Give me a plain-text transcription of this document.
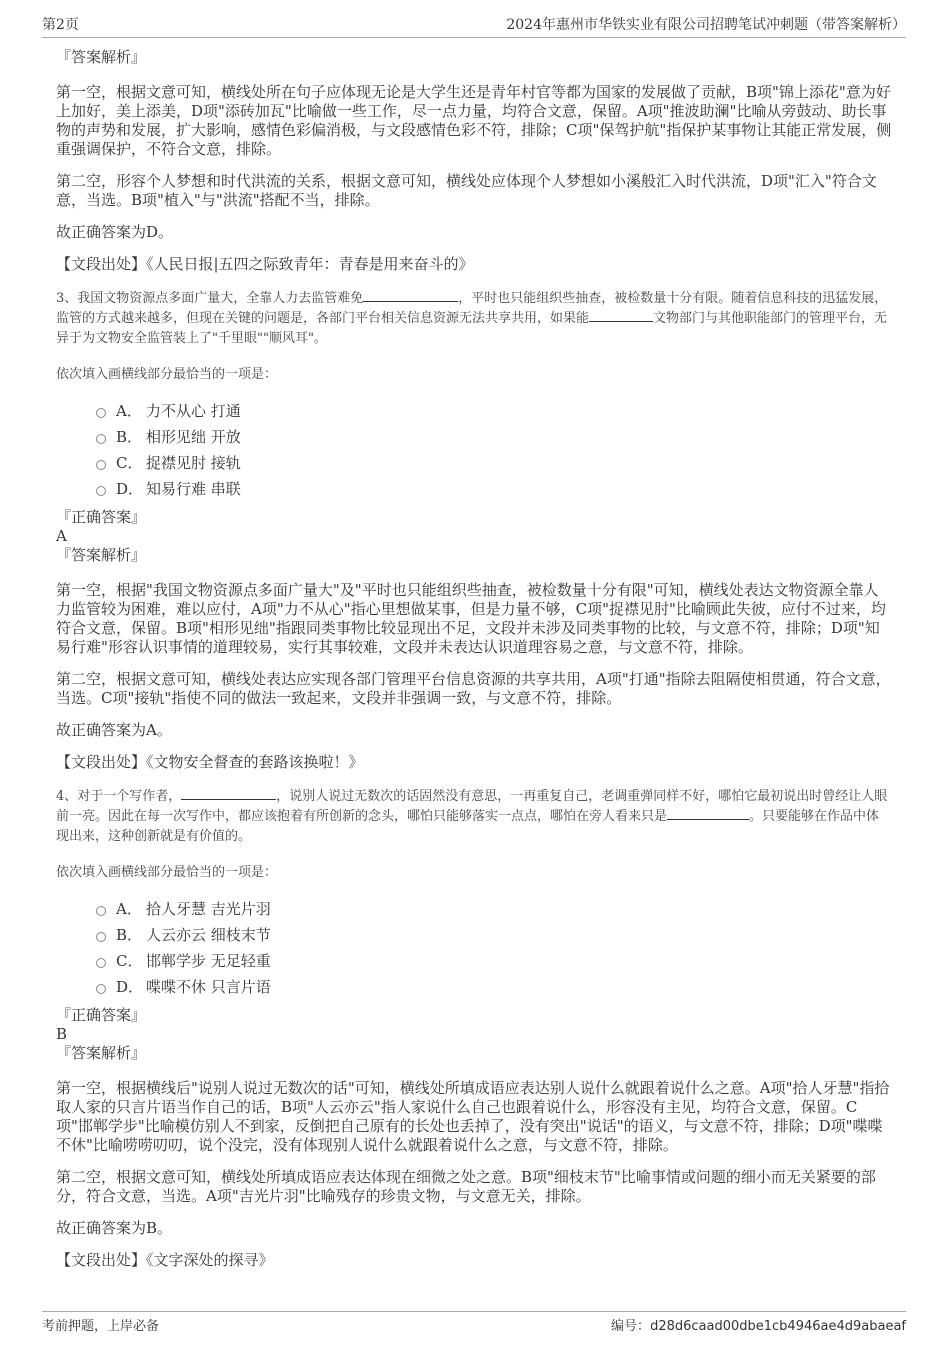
第2页	2024年惠州市华铁实业有限公司招聘笔试冲刺题（带答案解析）
『答案解析』
第一空，根据文意可知，横线处所在句子应体现无论是大学生还是青年村官等都为国家的发展做了贡献，B项"锦上添花"意为好上加好，美上添美，D项"添砖加瓦"比喻做一些工作，尽一点力量，均符合文意，保留。A项"推波助澜"比喻从旁鼓动、助长事物的声势和发展，扩大影响，感情色彩偏消极，与文段感情色彩不符，排除；C项"保驾护航"指保护某事物让其能正常发展，侧重强调保护，不符合文意，排除。
第二空，形容个人梦想和时代洪流的关系，根据文意可知，横线处应体现个人梦想如小溪般汇入时代洪流，D项"汇入"符合文意，当选。B项"植入"与"洪流"搭配不当，排除。
故正确答案为D。
【文段出处】《人民日报|五四之际致青年：青春是用来奋斗的》
3、我国文物资源点多面广量大，全靠人力去监管难免	，平时也只能组织些抽查，被检数量十分有限。随着信息科技的迅猛发展，监管的方式越来越多，但现在关键的问题是，各部门平台相关信息资源无法共享共用，如果能	文物部门与其他职能部门的管理平台，无异于为文物安全监管装上了"千里眼""顺风耳"。
依次填入画横线部分最恰当的一项是：
A． 力不从心 打通
B． 相形见绌 开放
C． 捉襟见肘 接轨
D． 知易行难 串联
『正确答案』
A
『答案解析』
第一空，根据"我国文物资源点多面广量大"及"平时也只能组织些抽查，被检数量十分有限"可知，横线处表达文物资源全靠人力监管较为困难，难以应付，A项"力不从心"指心里想做某事，但是力量不够，C项"捉襟见肘"比喻顾此失彼，应付不过来，均符合文意，保留。B项"相形见绌"指跟同类事物比较显现出不足，文段并未涉及同类事物的比较，与文意不符，排除；D项"知易行难"形容认识事情的道理较易，实行其事较难，文段并未表达认识道理容易之意，与文意不符，排除。
第二空，根据文意可知，横线处表达应实现各部门管理平台信息资源的共享共用，A项"打通"指除去阻隔使相贯通，符合文意，当选。C项"接轨"指使不同的做法一致起来，文段并非强调一致，与文意不符，排除。
故正确答案为A。
【文段出处】《文物安全督查的套路该换啦！》
4、对于一个写作者，	，说别人说过无数次的话固然没有意思，一再重复自己，老调重弹同样不好，哪怕它最初说出时曾经让人眼前一亮。因此在每一次写作中，都应该抱着有所创新的念头，哪怕只能够落实一点点，哪怕在旁人看来只是	。只要能够在作品中体现出来，这种创新就是有价值的。
依次填入画横线部分最恰当的一项是：
A． 拾人牙慧 吉光片羽
B． 人云亦云 细枝末节
C． 邯郸学步 无足轻重
D． 喋喋不休 只言片语
『正确答案』
B
『答案解析』
第一空，根据横线后"说别人说过无数次的话"可知，横线处所填成语应表达别人说什么就跟着说什么之意。A项"拾人牙慧"指拾取人家的只言片语当作自己的话，B项"人云亦云"指人家说什么自己也跟着说什么，形容没有主见，均符合文意，保留。C项"邯郸学步"比喻模仿别人不到家，反倒把自己原有的长处也丢掉了，没有突出"说话"的语义，与文意不符，排除；D项"喋喋不休"比喻唠唠叨叨，说个没完，没有体现别人说什么就跟着说什么之意，与文意不符，排除。
第二空，根据文意可知，横线处所填成语应表达体现在细微之处之意。B项"细枝末节"比喻事情或问题的细小而无关紧要的部分，符合文意，当选。A项"吉光片羽"比喻残存的珍贵文物，与文意无关，排除。
故正确答案为B。
【文段出处】《文字深处的探寻》
考前押题，上岸必备	编号：d28d6caad00dbe1cb4946ae4d9abaeaf
